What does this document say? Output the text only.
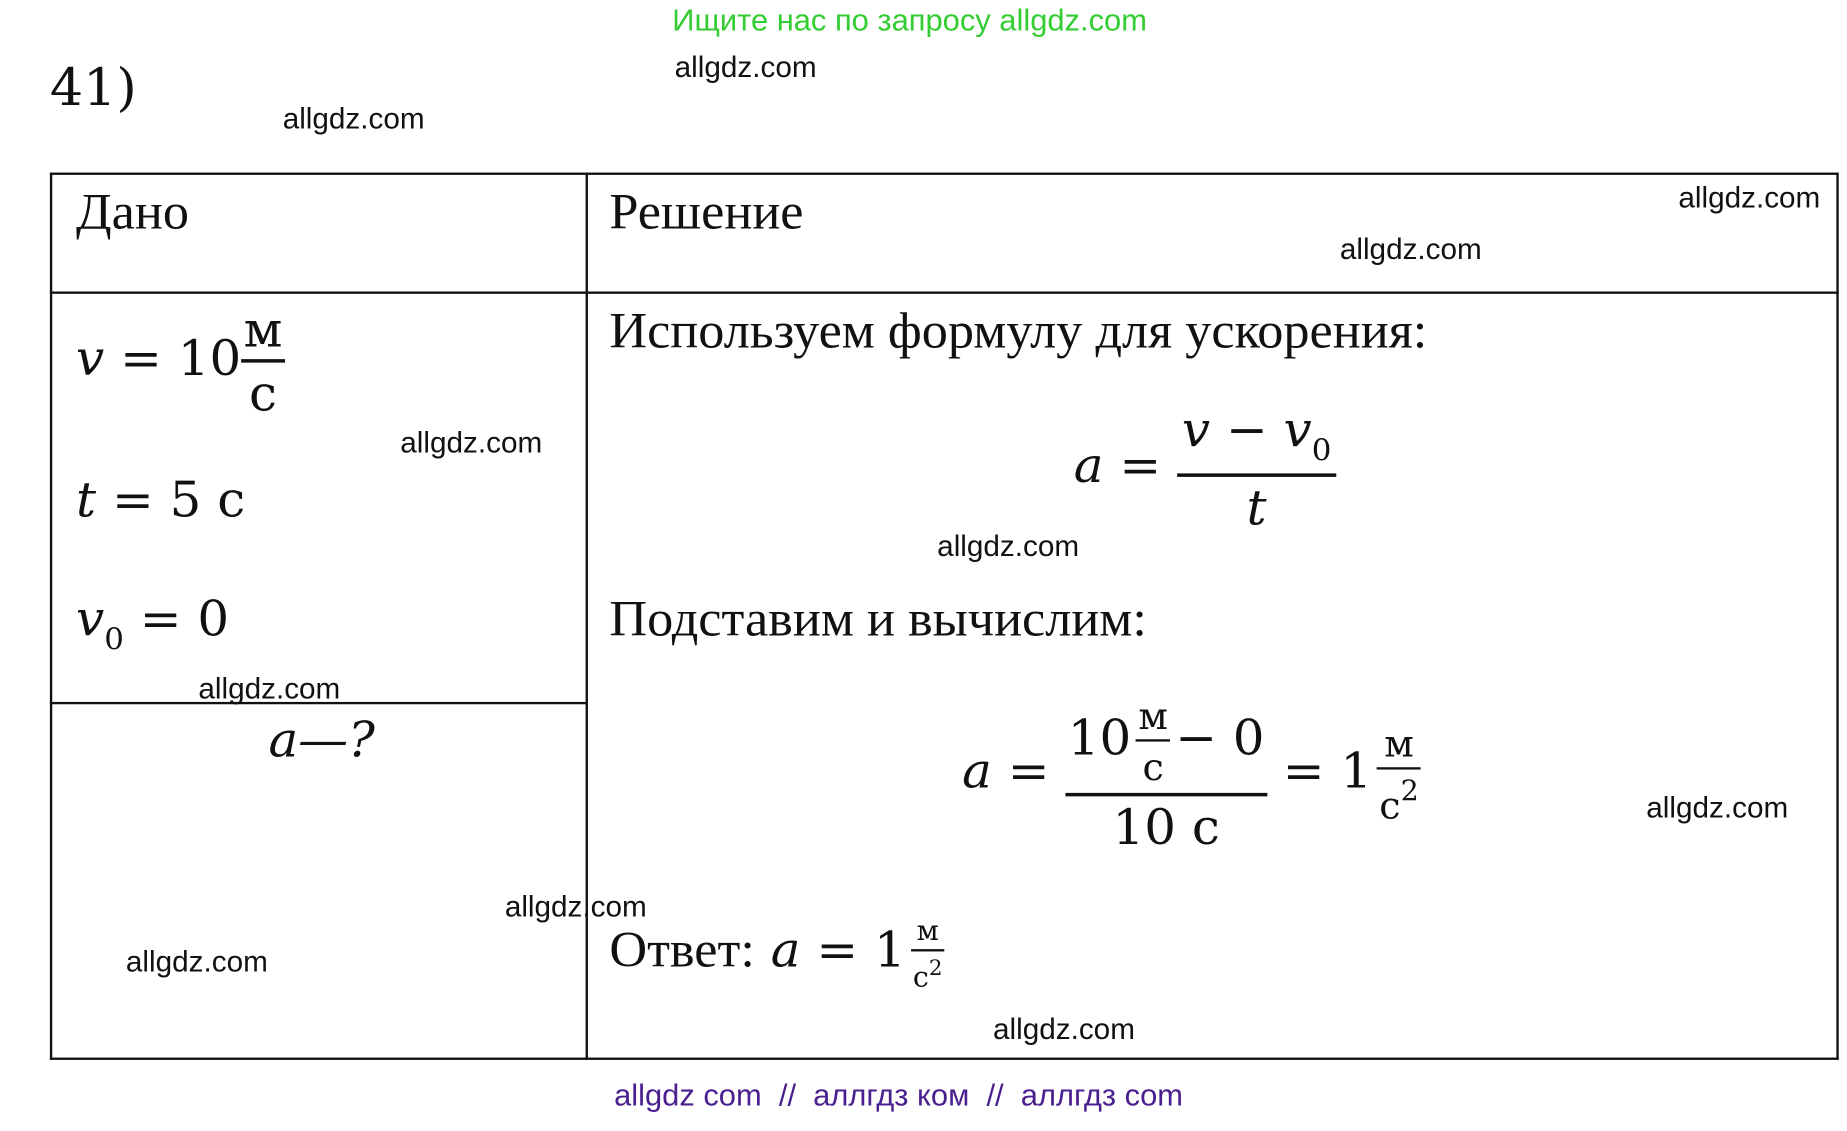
Ищите нас по запросу allgdz.com
41)
Дано	Решение
$v = 10 \frac{м}{с}$
t = 5 с
$v_0 = 0$
a—?
Используем формулу для ускорения:
$a = \frac{v - v_0}{t}$
Подставим и вычислим:
$a = \frac{10 \frac{м}{с} - 0}{10 с} = 1 \frac{м}{с^2}$
Ответ: $a = 1 \frac{м}{с^2}$
allgdz.com
allgdz.com
allgdz.com
allgdz.com
allgdz.com
allgdz.com
allgdz.com
allgdz.com
allgdz.com
allgdz.com
allgdz.com
allgdz com  //  аллгдз ком  //  аллгдз com
